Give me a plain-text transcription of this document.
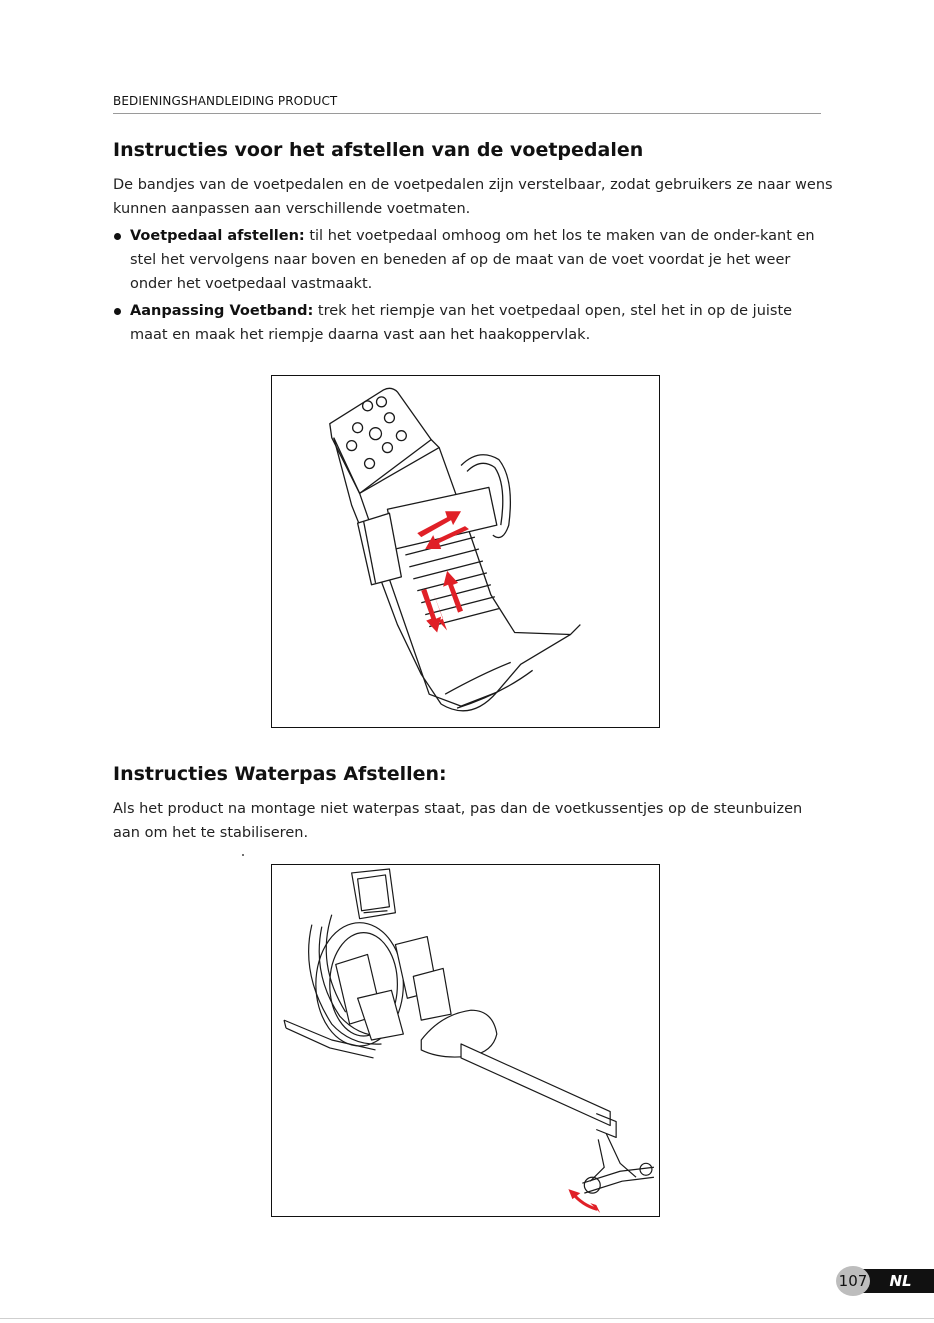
BEDIENINGSHANDLEIDING PRODUCT
Instructies voor het afstellen van de voetpedalen

De bandjes van de voetpedalen en de voetpedalen zijn verstelbaar, zodat gebruikers ze naar wens kunnen aanpassen aan verschillende voetmaten.

Voetpedaal afstellen: til het voetpedaal omhoog om het los te maken van de onder-kant en stel het vervolgens naar boven en beneden af op de maat van de voet voordat je het weer onder het voetpedaal vastmaakt.
Aanpassing Voetband: trek het riempje van het voetpedaal open, stel het in op de juiste maat en maak het riempje daarna vast aan het haakoppervlak.
Instructies Waterpas Afstellen:

Als het product na montage niet waterpas staat, pas dan de voetkussentjes op de steunbuizen aan om het te stabiliseren.

107	NL
